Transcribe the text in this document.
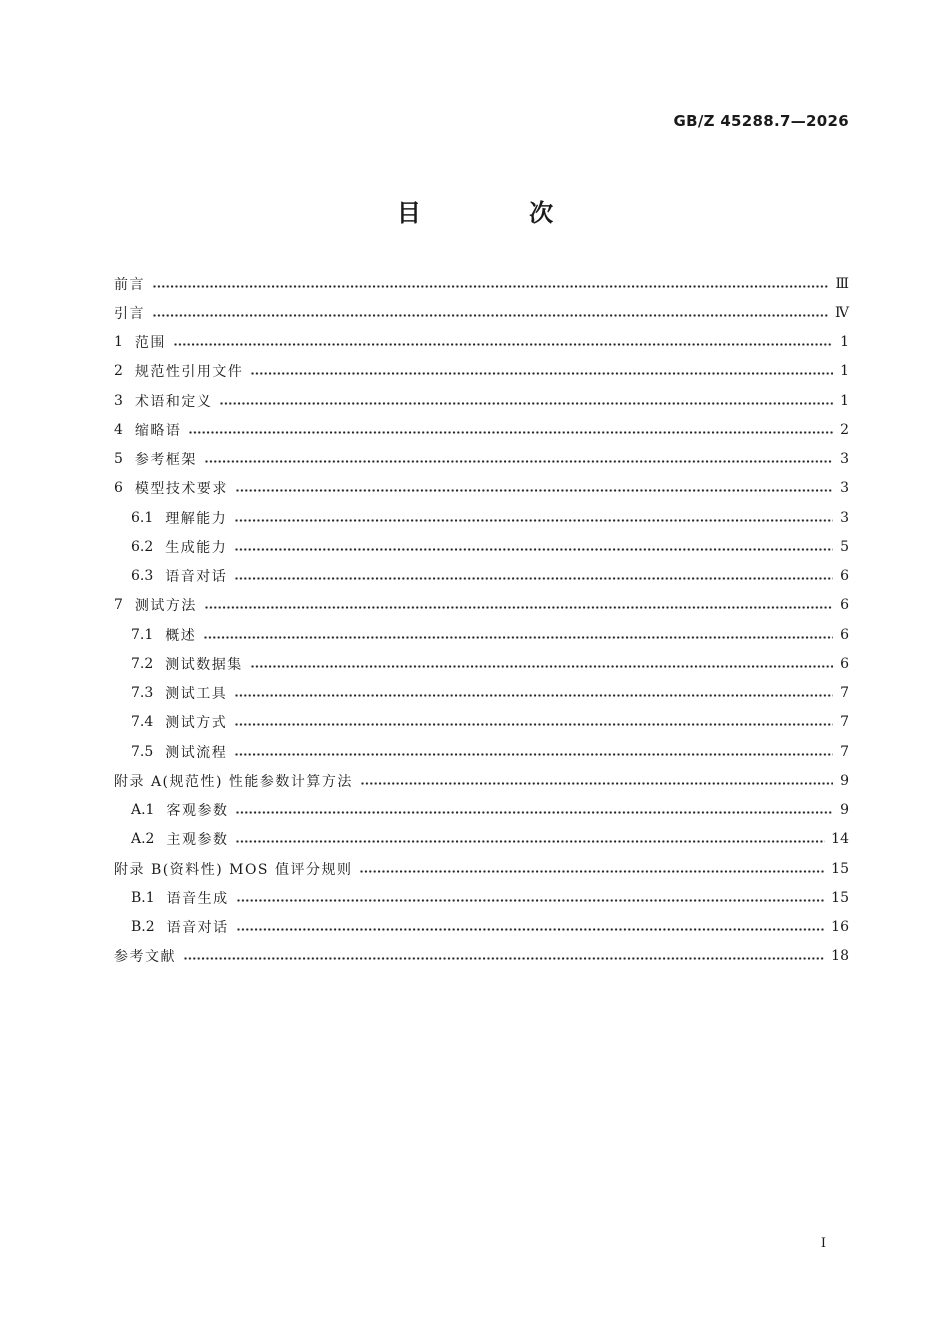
GB/Z 45288.7—2026
目 次
前言	Ⅲ
引言	Ⅳ
1 范围	1
2 规范性引用文件	1
3 术语和定义	1
4 缩略语	2
5 参考框架	3
6 模型技术要求	3
6.1 理解能力	3
6.2 生成能力	5
6.3 语音对话	6
7 测试方法	6
7.1 概述	6
7.2 测试数据集	6
7.3 测试工具	7
7.4 测试方式	7
7.5 测试流程	7
附录 A(规范性) 性能参数计算方法	9
A.1 客观参数	9
A.2 主观参数	14
附录 B(资料性) MOS 值评分规则	15
B.1 语音生成	15
B.2 语音对话	16
参考文献	18
Ⅰ
